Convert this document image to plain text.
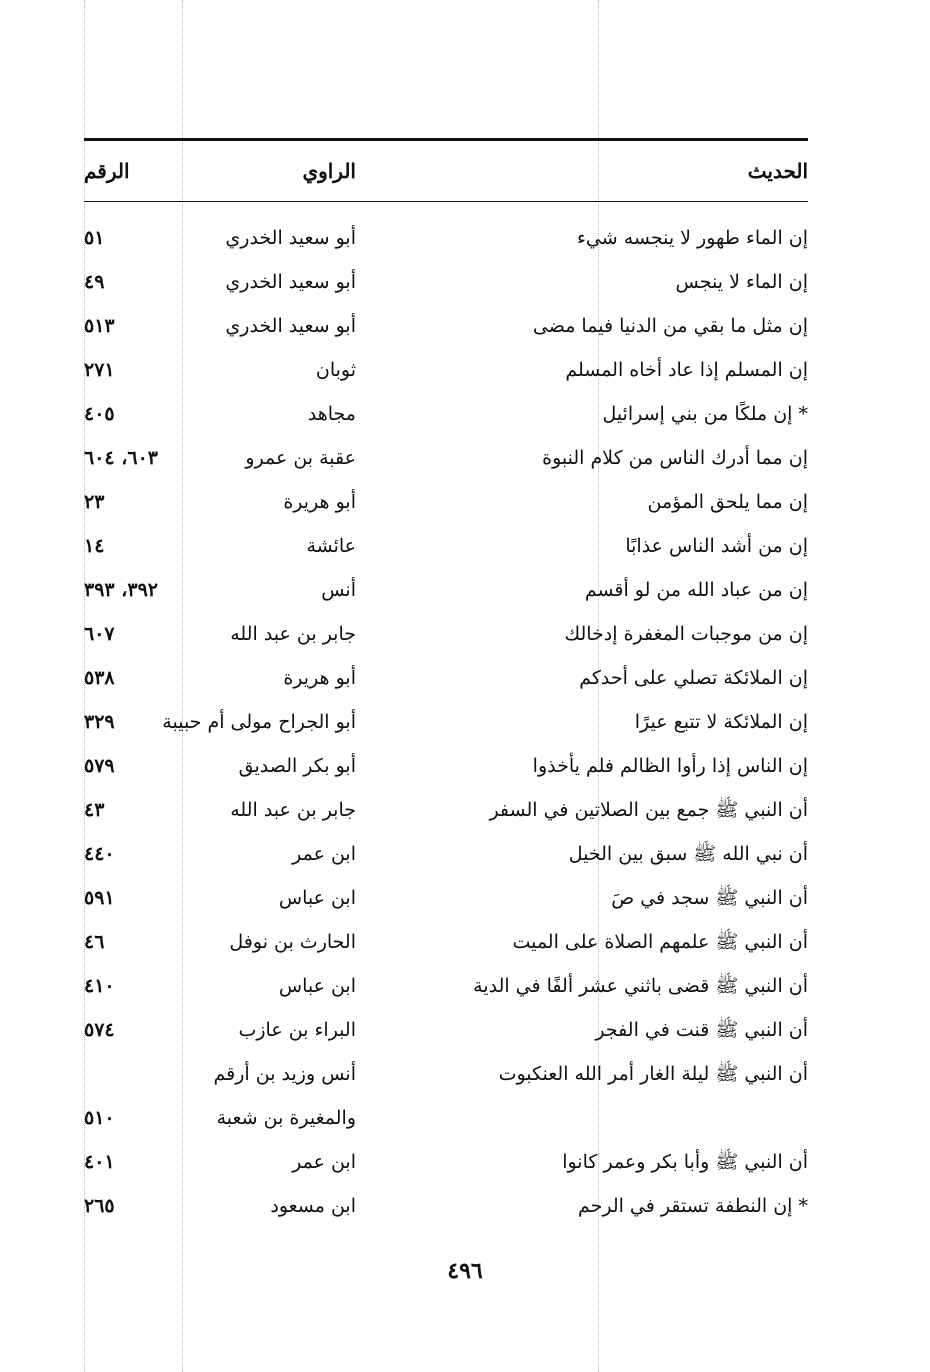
الحديث
الراوي
الرقم
إن الماء طهور لا ينجسه شيء
أبو سعيد الخدري
٥١
إن الماء لا ينجس
أبو سعيد الخدري
٤٩
إن مثل ما بقي من الدنيا فيما مضى
أبو سعيد الخدري
٥١٣
إن المسلم إذا عاد أخاه المسلم
ثوبان
٢٧١
* إن ملكًا من بني إسرائيل
مجاهد
٤٠٥
إن مما أدرك الناس من كلام النبوة
عقبة بن عمرو
٦٠٣، ٦٠٤
إن مما يلحق المؤمن
أبو هريرة
٢٣
إن من أشد الناس عذابًا
عائشة
١٤
إن من عباد الله من لو أقسم
أنس
٣٩٢، ٣٩٣
إن من موجبات المغفرة إدخالك
جابر بن عبد الله
٦٠٧
إن الملائكة تصلي على أحدكم
أبو هريرة
٥٣٨
إن الملائكة لا تتبع عيرًا
أبو الجراح مولى أم حبيبة
٣٢٩
إن الناس إذا رأوا الظالم فلم يأخذوا
أبو بكر الصديق
٥٧٩
أن النبي ﷺ جمع بين الصلاتين في السفر
جابر بن عبد الله
٤٣
أن نبي الله ﷺ سبق بين الخيل
ابن عمر
٤٤٠
أن النبي ﷺ سجد في صَ
ابن عباس
٥٩١
أن النبي ﷺ علمهم الصلاة على الميت
الحارث بن نوفل
٤٦
أن النبي ﷺ قضى باثني عشر ألفًا في الدية
ابن عباس
٤١٠
أن النبي ﷺ قنت في الفجر
البراء بن عازب
٥٧٤
أن النبي ﷺ ليلة الغار أمر الله العنكبوت
أنس وزيد بن أرقم
والمغيرة بن شعبة
٥١٠
أن النبي ﷺ وأبا بكر وعمر كانوا
ابن عمر
٤٠١
* إن النطفة تستقر في الرحم
ابن مسعود
٢٦٥
٤٩٦
